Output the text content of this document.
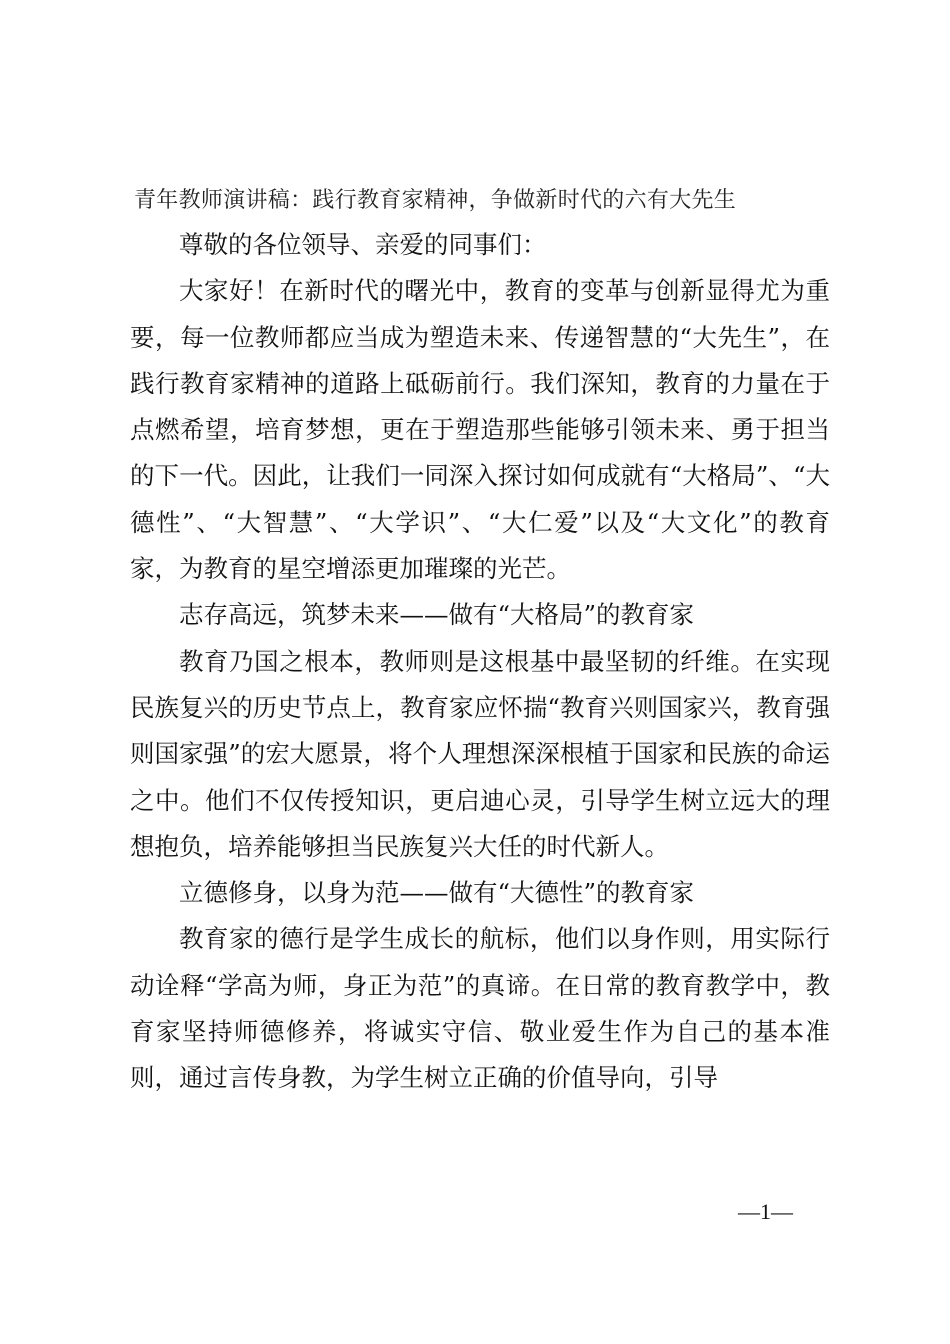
青年教师演讲稿：践行教育家精神，争做新时代的六有大先生

尊敬的各位领导、亲爱的同事们：

大家好！在新时代的曙光中，教育的变革与创新显得尤为重要，每一位教师都应当成为塑造未来、传递智慧的“大先生”，在践行教育家精神的道路上砥砺前行。我们深知，教育的力量在于点燃希望，培育梦想，更在于塑造那些能够引领未来、勇于担当的下一代。因此，让我们一同深入探讨如何成就有“大格局”、“大德性”、“大智慧”、“大学识”、“大仁爱”以及“大文化”的教育家，为教育的星空增添更加璀璨的光芒。

志存高远，筑梦未来——做有“大格局”的教育家

教育乃国之根本，教师则是这根基中最坚韧的纤维。在实现民族复兴的历史节点上，教育家应怀揣“教育兴则国家兴，教育强则国家强”的宏大愿景，将个人理想深深根植于国家和民族的命运之中。他们不仅传授知识，更启迪心灵，引导学生树立远大的理想抱负，培养能够担当民族复兴大任的时代新人。

立德修身，以身为范——做有“大德性”的教育家

教育家的德行是学生成长的航标，他们以身作则，用实际行动诠释“学高为师，身正为范”的真谛。在日常的教育教学中，教育家坚持师德修养，将诚实守信、敬业爱生作为自己的基本准则，通过言传身教，为学生树立正确的价值导向，引导

—1—
